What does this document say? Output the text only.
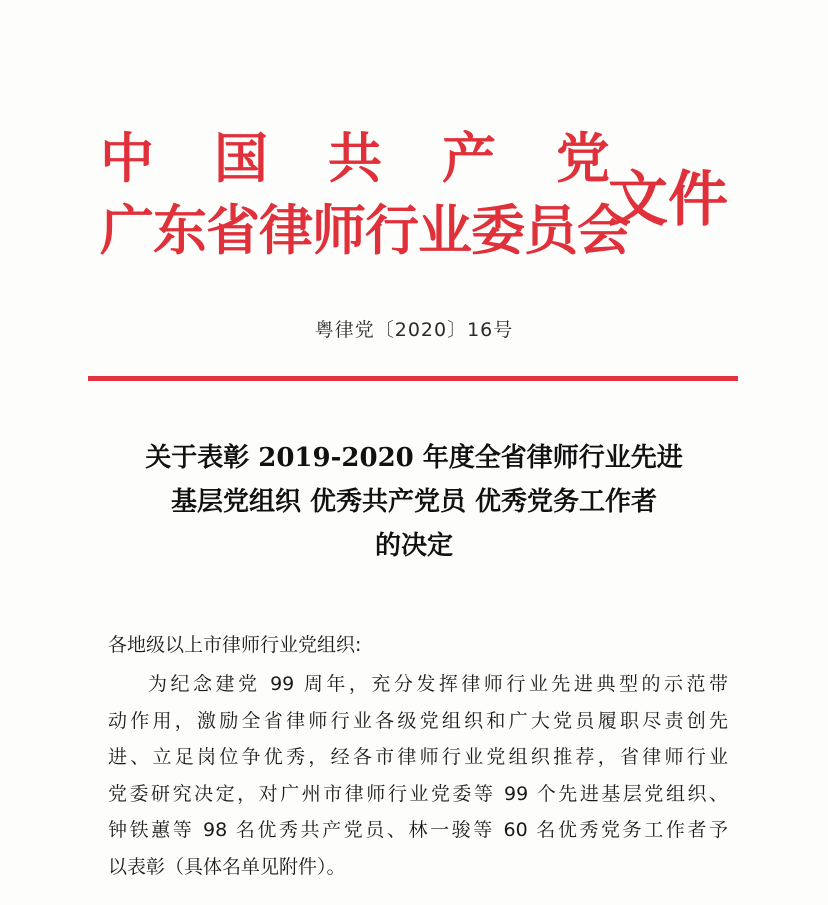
中 国 共 产 党
广东省律师行业委员会
文件
粤律党〔2020〕16号
关于表彰 2019-2020 年度全省律师行业先进
基层党组织 优秀共产党员 优秀党务工作者
的决定
各地级以上市律师行业党组织:
为纪念建党 99 周年，充分发挥律师行业先进典型的示范带
动作用，激励全省律师行业各级党组织和广大党员履职尽责创先
进、立足岗位争优秀，经各市律师行业党组织推荐，省律师行业
党委研究决定，对广州市律师行业党委等 99 个先进基层党组织、
钟铁蕙等 98 名优秀共产党员、林一骏等 60 名优秀党务工作者予
以表彰（具体名单见附件）。
